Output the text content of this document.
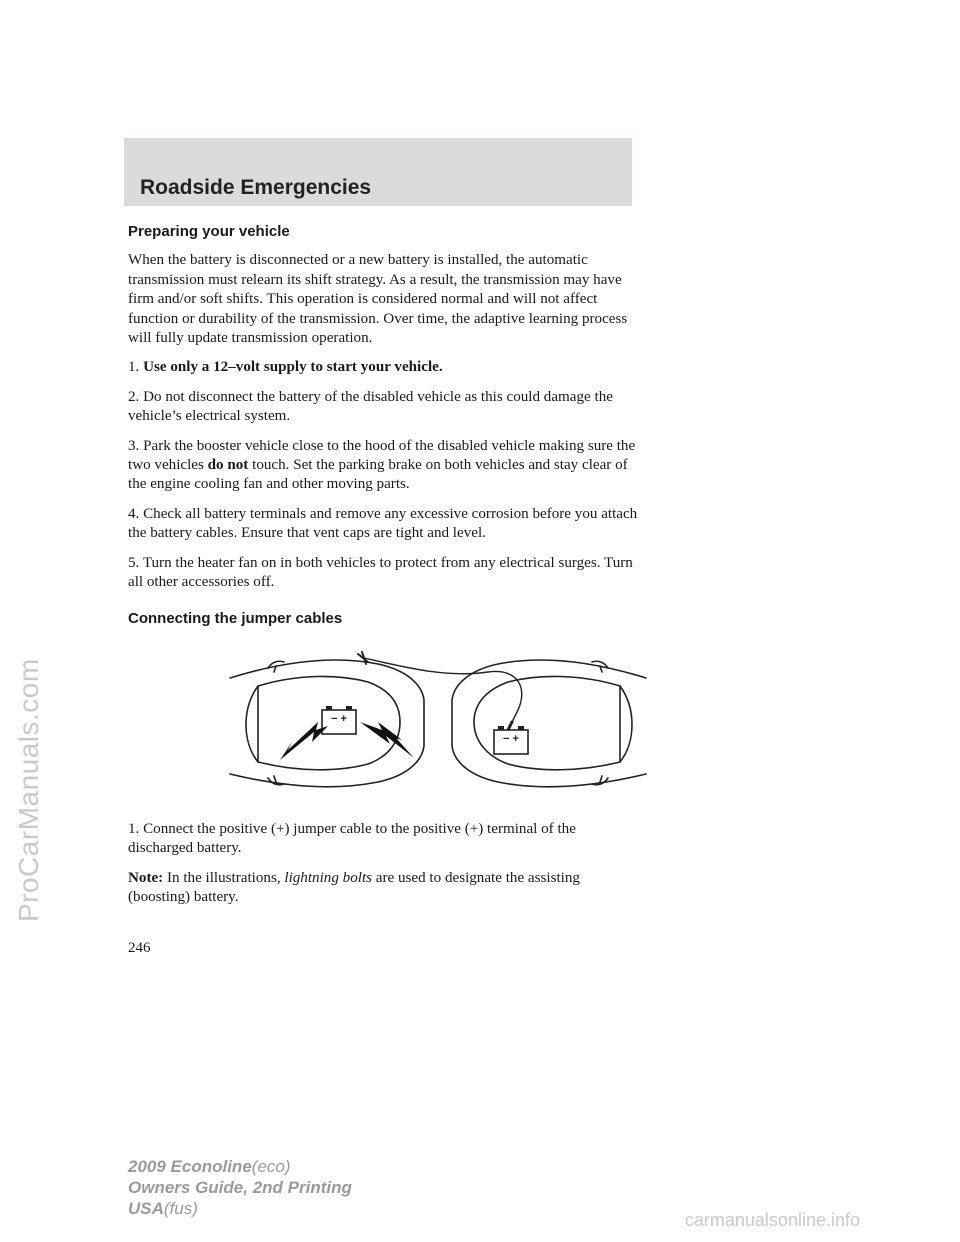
ProCarManuals.com
Roadside Emergencies
Preparing your vehicle

When the battery is disconnected or a new battery is installed, the automatic transmission must relearn its shift strategy. As a result, the transmission may have firm and/or soft shifts. This operation is considered normal and will not affect function or durability of the transmission. Over time, the adaptive learning process will fully update transmission operation.

1. Use only a 12–volt supply to start your vehicle.

2. Do not disconnect the battery of the disabled vehicle as this could damage the vehicle’s electrical system.

3. Park the booster vehicle close to the hood of the disabled vehicle making sure the two vehicles do not touch. Set the parking brake on both vehicles and stay clear of the engine cooling fan and other moving parts.

4. Check all battery terminals and remove any excessive corrosion before you attach the battery cables. Ensure that vent caps are tight and level.

5. Turn the heater fan on in both vehicles to protect from any electrical surges. Turn all other accessories off.

Connecting the jumper cables
− +
− +

1. Connect the positive (+) jumper cable to the positive (+) terminal of the discharged battery.

Note: In the illustrations, lightning bolts are used to designate the assisting (boosting) battery.

246
2009 Econoline(eco)
Owners Guide, 2nd Printing
USA(fus)
carmanualsonline.info
